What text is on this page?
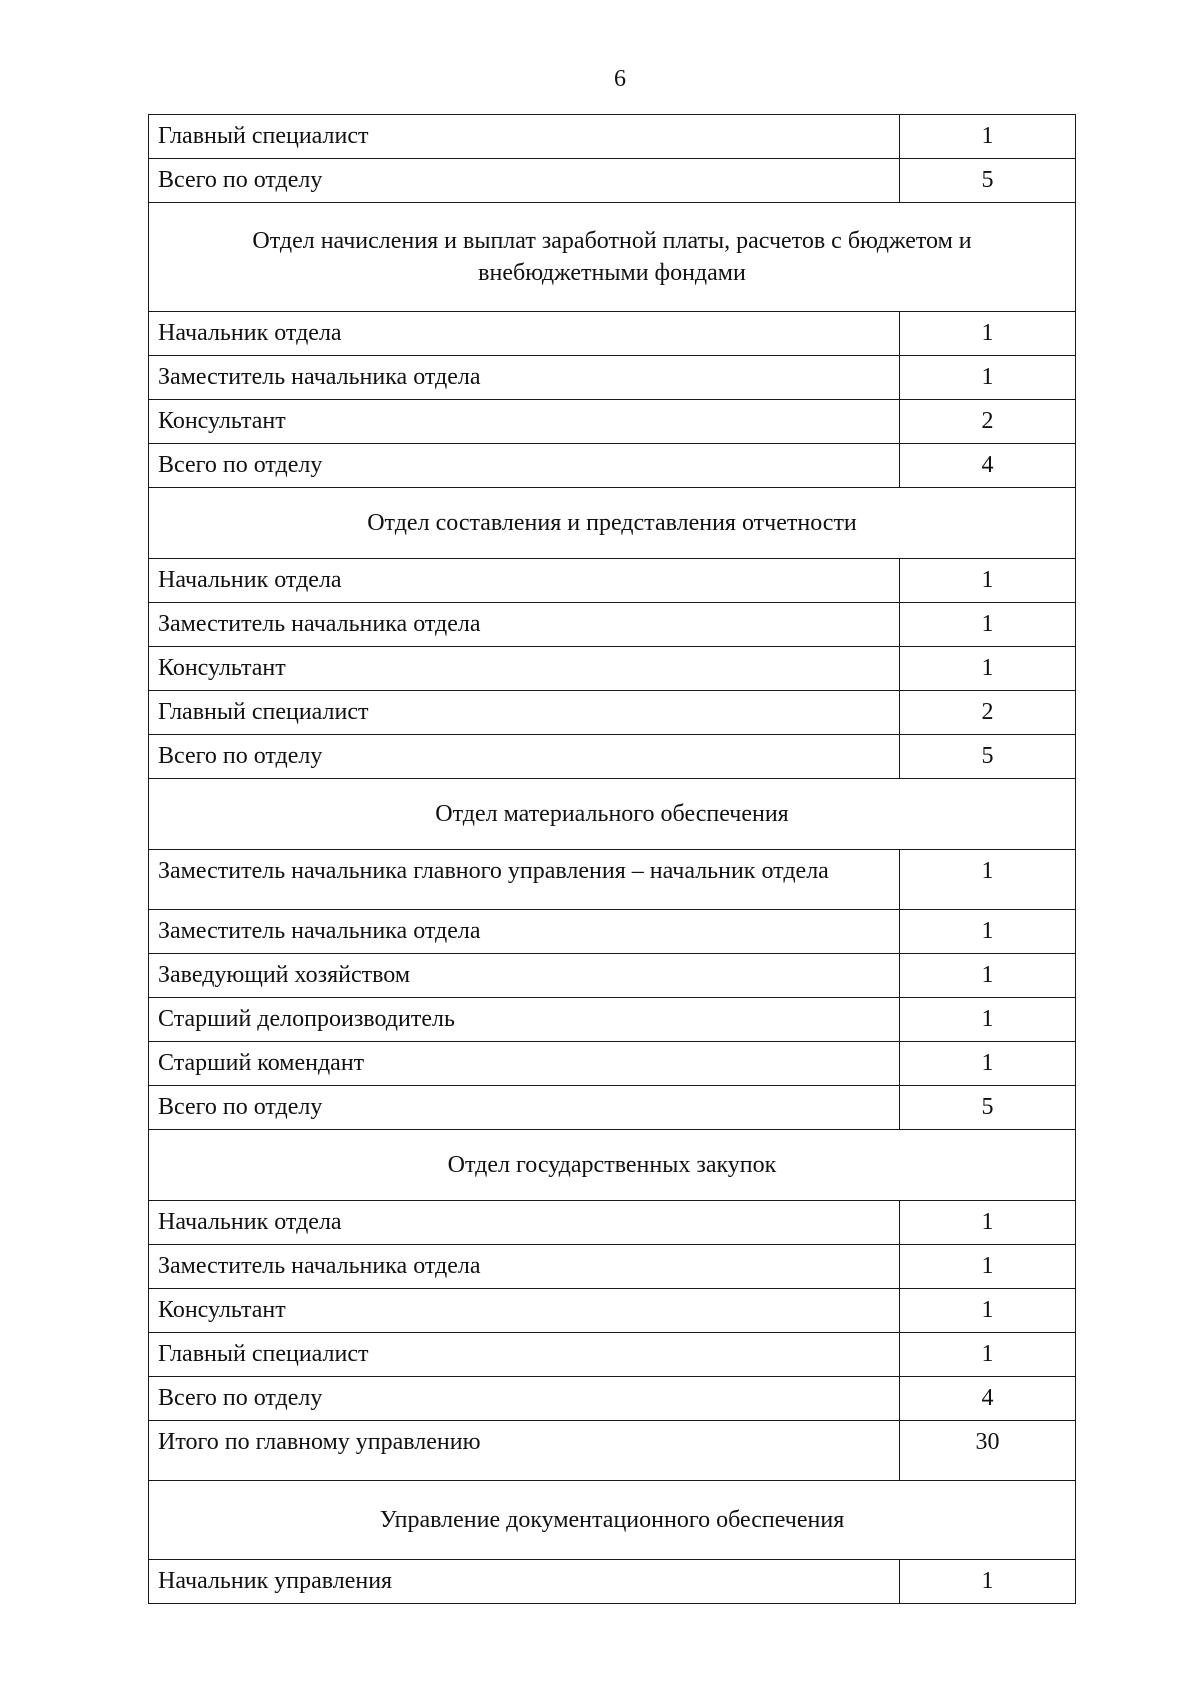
6
Главный специалист	1
Всего по отделу	5
Отдел начисления и выплат заработной платы, расчетов с бюджетом и внебюджетными фондами	
Начальник отдела	1
Заместитель начальника отдела	1
Консультант	2
Всего по отделу	4
Отдел составления и представления отчетности	
Начальник отдела	1
Заместитель начальника отдела	1
Консультант	1
Главный специалист	2
Всего по отделу	5
Отдел материального обеспечения	
Заместитель начальника главного управления – начальник отдела	1
Заместитель начальника отдела	1
Заведующий хозяйством	1
Старший делопроизводитель	1
Старший комендант	1
Всего по отделу	5
Отдел государственных закупок	
Начальник отдела	1
Заместитель начальника отдела	1
Консультант	1
Главный специалист	1
Всего по отделу	4
Итого по главному управлению	30
Управление документационного обеспечения	
Начальник управления	1
